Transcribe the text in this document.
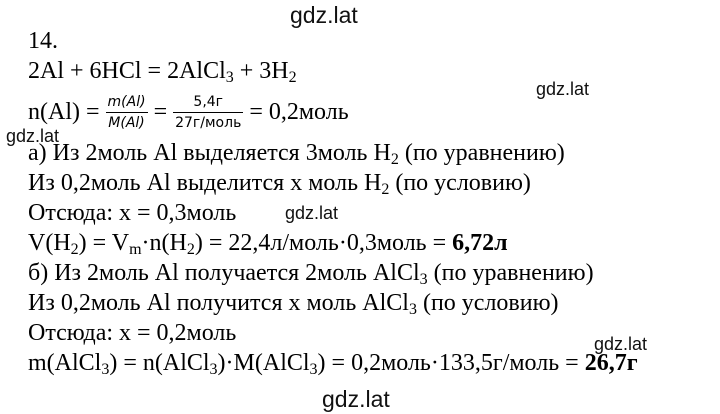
gdz.lat
gdz.lat
gdz.lat
gdz.lat
gdz.lat
gdz.lat
14.
2Al + 6HCl = 2AlCl$_3$ + $3H_2$
$n(Al) = \frac{m(Al)}{M(Al)} = \frac{5,4г}{\text{27г/моль}}$ = 0,2моль
а) Из 2моль Al выделяется 3моль $H_2$ (по уравнению)
Из 0,2моль Al выделится x моль $H_2$ (по условию)
Отсюда: x = 0,3моль
$V(H_2) = V_m\cdot n(H_2)$ = 22,4л/моль·0,3моль = 6,72л
б) Из 2моль Al получается 2моль AlCl$_3$ (по уравнению)
Из 0,2моль Al получится x моль AlCl$_3$ (по условию)
Отсюда: x = 0,2моль
m(AlCl$_3$) = n(AlCl$_3$)·M(AlCl$_3$) = 0,2моль·133,5г/моль = 26,7г
